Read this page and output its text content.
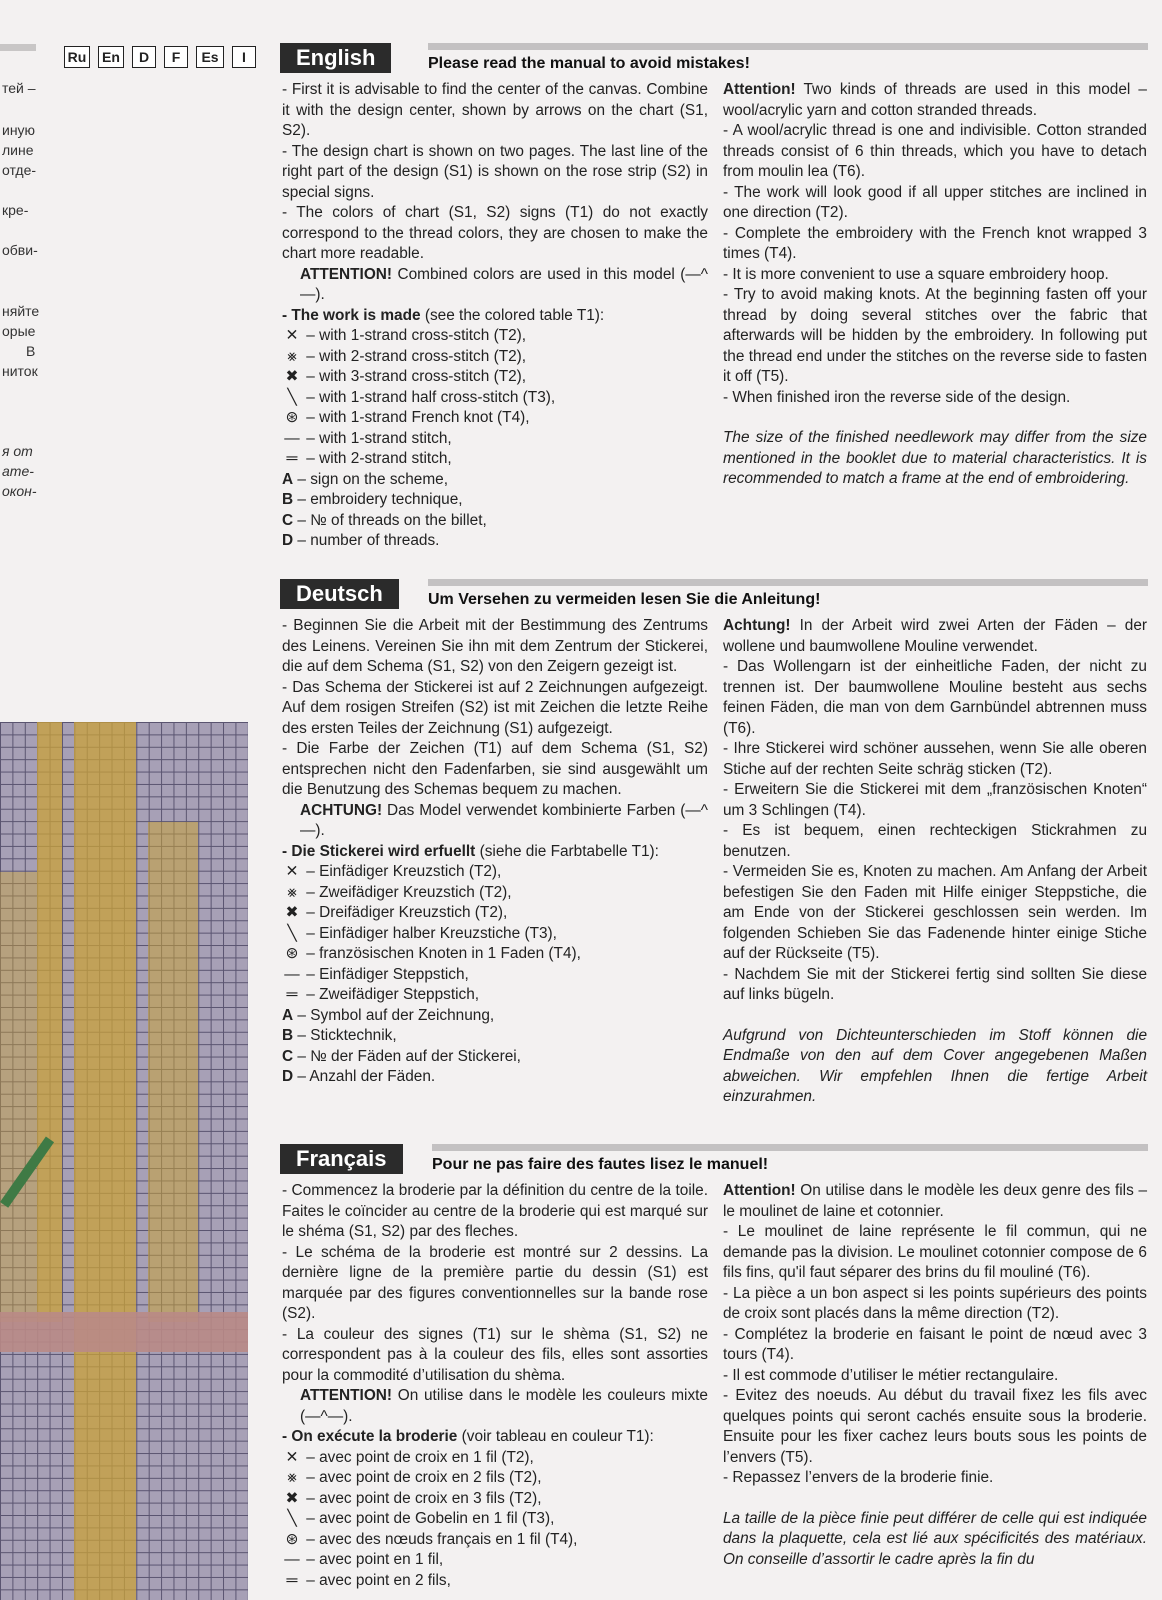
тей –
иную
лине
отде-
кре-
обви-
няйте
орые
В
ниток
я от
ате-
окон-
Ru En	D	F	Es	I	English	Please read the manual to avoid mistakes!

- First it is advisable to find the center of the canvas. Combine it with the design center, shown by arrows on the chart (S1, S2).

- The design chart is shown on two pages. The last line of the right part of the design (S1) is shown on the rose strip (S2) in special signs.

- The colors of chart (S1, S2) signs (T1) do not exactly correspond to the thread colors, they are chosen to make the chart more readable.

ATTENTION! Combined colors are used in this model (—^—).

- The work is made (see the colored table T1):

✕ – with 1-strand cross-stitch (T2),
⨳ – with 2-strand cross-stitch (T2),
✖ – with 3-strand cross-stitch (T2),
╲ – with 1-strand half cross-stitch (T3),
⊛ – with 1-strand French knot (T4),
— – with 1-strand stitch,
═ – with 2-strand stitch,
A – sign on the scheme,
B – embroidery technique,
C – № of threads on the billet,
D – number of threads.

Attention! Two kinds of threads are used in this model – wool/acrylic yarn and cotton stranded threads.

- A wool/acrylic thread is one and indivisible. Cotton stranded threads consist of 6 thin threads, which you have to detach from moulin lea (T6).

- The work will look good if all upper stitches are inclined in one direction (T2).

- Complete the embroidery with the French knot wrapped 3 times (T4).

- It is more convenient to use a square embroidery hoop.

- Try to avoid making knots. At the beginning fasten off your thread by doing several stitches over the fabric that afterwards will be hidden by the embroidery. In following put the thread end under the stitches on the reverse side to fasten it off (T5).

- When finished iron the reverse side of the design.

The size of the finished needlework may differ from the size mentioned in the booklet due to material characteristics. It is recommended to match a frame at the end of embroidering.

Deutsch	Um Versehen zu vermeiden lesen Sie die Anleitung!

- Beginnen Sie die Arbeit mit der Bestimmung des Zentrums des Leinens. Vereinen Sie ihn mit dem Zentrum der Stickerei, die auf dem Schema (S1, S2) von den Zeigern gezeigt ist.

- Das Schema der Stickerei ist auf 2 Zeichnungen aufgezeigt. Auf dem rosigen Streifen (S2) ist mit Zeichen die letzte Reihe des ersten Teiles der Zeichnung (S1) aufgezeigt.

- Die Farbe der Zeichen (T1) auf dem Schema (S1, S2) entsprechen nicht den Fadenfarben, sie sind ausgewählt um die Benutzung des Schemas bequem zu machen.

ACHTUNG! Das Model verwendet kombinierte Farben (—^—).

- Die Stickerei wird erfuellt (siehe die Farbtabelle T1):

✕ – Einfädiger Kreuzstich (T2),
⨳ – Zweifädiger Kreuzstich (T2),
✖ – Dreifädiger Kreuzstich (T2),
╲ – Einfädiger halber Kreuzstiche (T3),
⊛ – französischen Knoten in 1 Faden (T4),
— – Einfädiger Steppstich,
═ – Zweifädiger Steppstich,
A – Symbol auf der Zeichnung,
B – Sticktechnik,
C – № der Fäden auf der Stickerei,
D – Anzahl der Fäden.

Achtung! In der Arbeit wird zwei Arten der Fäden – der wollene und baumwollene Mouline verwendet.

- Das Wollengarn ist der einheitliche Faden, der nicht zu trennen ist. Der baumwollene Mouline besteht aus sechs feinen Fäden, die man von dem Garnbündel abtrennen muss (T6).

- Ihre Stickerei wird schöner aussehen, wenn Sie alle oberen Stiche auf der rechten Seite schräg sticken (T2).

- Erweitern Sie die Stickerei mit dem „französischen Knoten“ um 3 Schlingen (T4).

- Es ist bequem, einen rechteckigen Stickrahmen zu benutzen.

- Vermeiden Sie es, Knoten zu machen. Am Anfang der Arbeit befestigen Sie den Faden mit Hilfe einiger Steppstiche, die am Ende von der Stickerei geschlossen sein werden. Im folgenden Schieben Sie das Fadenende hinter einige Stiche auf der Rückseite (T5).

- Nachdem Sie mit der Stickerei fertig sind sollten Sie diese auf links bügeln.

Aufgrund von Dichteunterschieden im Stoff können die Endmaße von den auf dem Cover angegebenen Maßen abweichen. Wir empfehlen Ihnen die fertige Arbeit einzurahmen.

Français	Pour ne pas faire des fautes lisez le manuel!

- Commencez la broderie par la définition du centre de la toile. Faites le coïncider au centre de la broderie qui est marqué sur le shéma (S1, S2) par des fleches.

- Le schéma de la broderie est montré sur 2 dessins. La dernière ligne de la première partie du dessin (S1) est marquée par des figures conventionnelles sur la bande rose (S2).

- La couleur des signes (T1) sur le shèma (S1, S2) ne correspondent pas à la couleur des fils, elles sont assorties pour la commodité d’utilisation du shèma.

ATTENTION! On utilise dans le modèle les couleurs mixte (—^—).

- On exécute la broderie (voir tableau en couleur T1):

✕ – avec point de croix en 1 fil (T2),
⨳ – avec point de croix en 2 fils (T2),
✖ – avec point de croix en 3 fils (T2),
╲ – avec point de Gobelin en 1 fil (T3),
⊛ – avec des nœuds français en 1 fil (T4),
— – avec point en 1 fil,
═ – avec point en 2 fils,

Attention! On utilise dans le modèle les deux genre des fils – le moulinet de laine et cotonnier.

- Le moulinet de laine représente le fil commun, qui ne demande pas la division. Le moulinet cotonnier compose de 6 fils fins, qu'il faut séparer des brins du fil mouliné (T6).

- La pièce a un bon aspect si les points supérieurs des points de croix sont placés dans la même direction (T2).

- Complétez la broderie en faisant le point de nœud avec 3 tours (T4).

- Il est commode d’utiliser le métier rectangulaire.

- Evitez des noeuds. Au début du travail fixez les fils avec quelques points qui seront cachés ensuite sous la broderie. Ensuite pour les fixer cachez leurs bouts sous les points de l’envers (T5).

- Repassez l’envers de la broderie finie.

La taille de la pièce finie peut différer de celle qui est indiquée dans la plaquette, cela est lié aux spécificités des matériaux. On conseille d’assortir le cadre après la fin du
